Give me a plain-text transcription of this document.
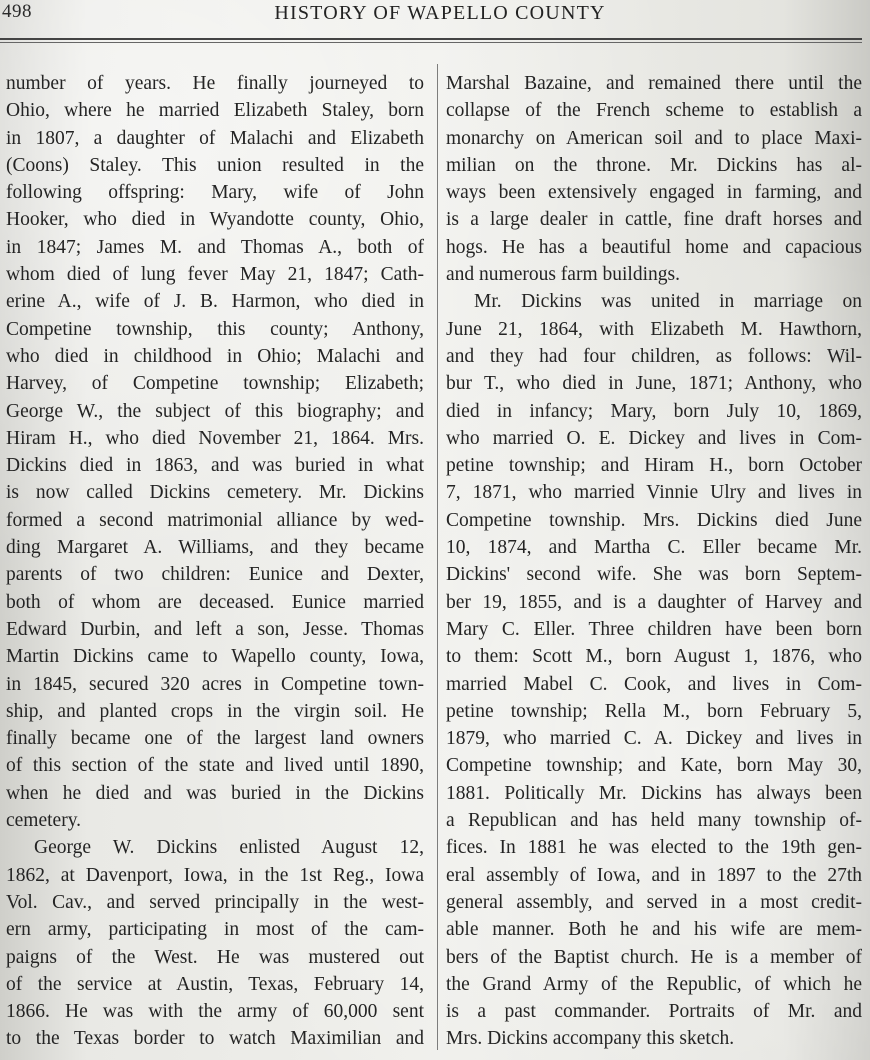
498	HISTORY OF WAPELLO COUNTY
number of years. He finally journeyed to
Ohio, where he married Elizabeth Staley, born
in 1807, a daughter of Malachi and Elizabeth
(Coons) Staley. This union resulted in the
following offspring: Mary, wife of John
Hooker, who died in Wyandotte county, Ohio,
in 1847; James M. and Thomas A., both of
whom died of lung fever May 21, 1847; Cath-
erine A., wife of J. B. Harmon, who died in
Competine township, this county; Anthony,
who died in childhood in Ohio; Malachi and
Harvey, of Competine township; Elizabeth;
George W., the subject of this biography; and
Hiram H., who died November 21, 1864. Mrs.
Dickins died in 1863, and was buried in what
is now called Dickins cemetery. Mr. Dickins
formed a second matrimonial alliance by wed-
ding Margaret A. Williams, and they became
parents of two children: Eunice and Dexter,
both of whom are deceased. Eunice married
Edward Durbin, and left a son, Jesse. Thomas
Martin Dickins came to Wapello county, Iowa,
in 1845, secured 320 acres in Competine town-
ship, and planted crops in the virgin soil. He
finally became one of the largest land owners
of this section of the state and lived until 1890,
when he died and was buried in the Dickins
cemetery.
George W. Dickins enlisted August 12,
1862, at Davenport, Iowa, in the 1st Reg., Iowa
Vol. Cav., and served principally in the west-
ern army, participating in most of the cam-
paigns of the West. He was mustered out
of the service at Austin, Texas, February 14,
1866. He was with the army of 60,000 sent
to the Texas border to watch Maximilian and
Marshal Bazaine, and remained there until the
collapse of the French scheme to establish a
monarchy on American soil and to place Maxi-
milian on the throne. Mr. Dickins has al-
ways been extensively engaged in farming, and
is a large dealer in cattle, fine draft horses and
hogs. He has a beautiful home and capacious
and numerous farm buildings.
Mr. Dickins was united in marriage on
June 21, 1864, with Elizabeth M. Hawthorn,
and they had four children, as follows: Wil-
bur T., who died in June, 1871; Anthony, who
died in infancy; Mary, born July 10, 1869,
who married O. E. Dickey and lives in Com-
petine township; and Hiram H., born October
7, 1871, who married Vinnie Ulry and lives in
Competine township. Mrs. Dickins died June
10, 1874, and Martha C. Eller became Mr.
Dickins' second wife. She was born Septem-
ber 19, 1855, and is a daughter of Harvey and
Mary C. Eller. Three children have been born
to them: Scott M., born August 1, 1876, who
married Mabel C. Cook, and lives in Com-
petine township; Rella M., born February 5,
1879, who married C. A. Dickey and lives in
Competine township; and Kate, born May 30,
1881. Politically Mr. Dickins has always been
a Republican and has held many township of-
fices. In 1881 he was elected to the 19th gen-
eral assembly of Iowa, and in 1897 to the 27th
general assembly, and served in a most credit-
able manner. Both he and his wife are mem-
bers of the Baptist church. He is a member of
the Grand Army of the Republic, of which he
is a past commander. Portraits of Mr. and
Mrs. Dickins accompany this sketch.
